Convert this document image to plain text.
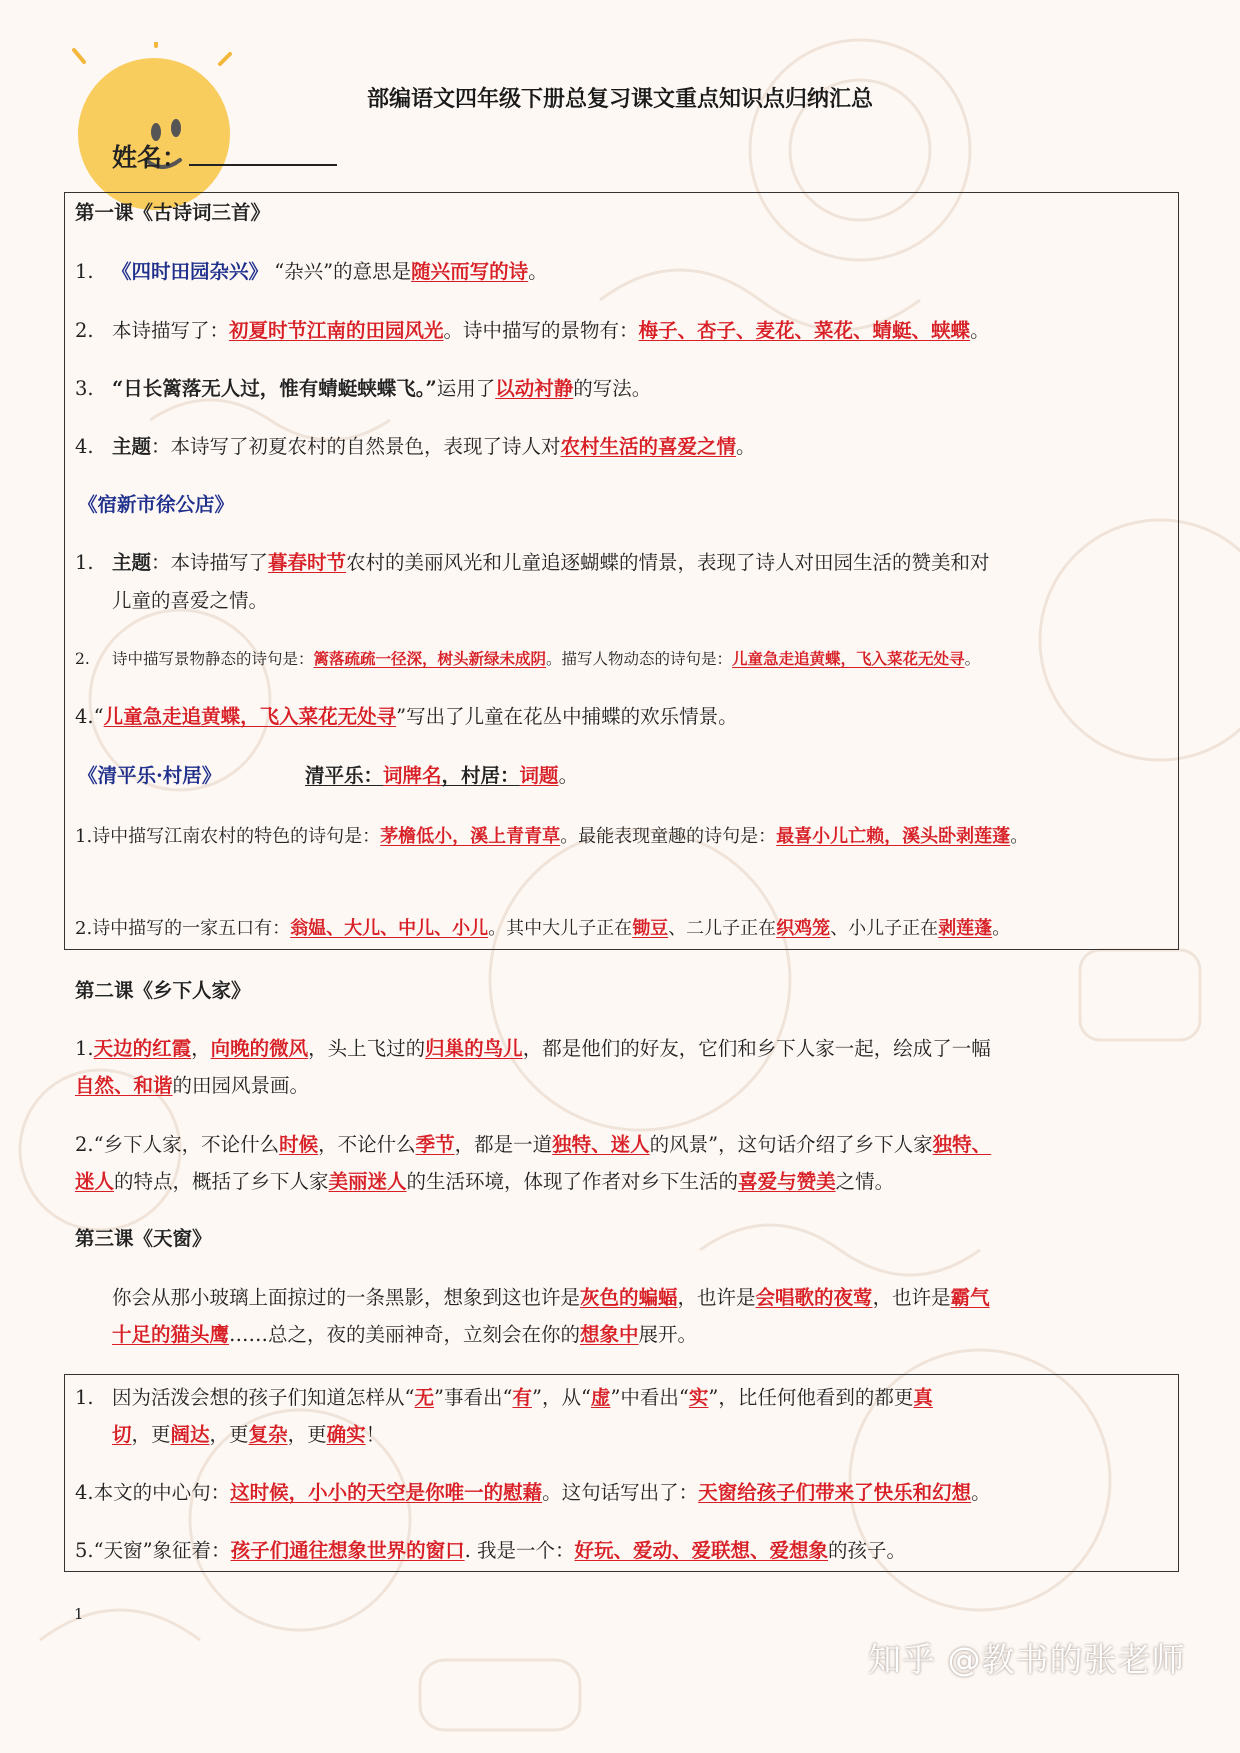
部编语文四年级下册总复习课文重点知识点归纳汇总
姓名：
第一课《古诗词三首》
1. 《四时田园杂兴》 “杂兴”的意思是随兴而写的诗。
2. 本诗描写了：初夏时节江南的田园风光。诗中描写的景物有：梅子、杏子、麦花、菜花、蜻蜓、蛱蝶。
3. “日长篱落无人过，惟有蜻蜓蛱蝶飞。”运用了以动衬静的写法。
4. 主题：本诗写了初夏农村的自然景色，表现了诗人对农村生活的喜爱之情。
《宿新市徐公店》
1. 主题：本诗描写了暮春时节农村的美丽风光和儿童追逐蝴蝶的情景，表现了诗人对田园生活的赞美和对
儿童的喜爱之情。
2. 诗中描写景物静态的诗句是：篱落疏疏一径深，树头新绿未成阴。描写人物动态的诗句是：儿童急走追黄蝶，飞入菜花无处寻。
4.“儿童急走追黄蝶，飞入菜花无处寻”写出了儿童在花丛中捕蝶的欢乐情景。
《清平乐·村居》	清平乐：词牌名，村居：词题。
1.诗中描写江南农村的特色的诗句是：茅檐低小，溪上青青草。最能表现童趣的诗句是：最喜小儿亡赖，溪头卧剥莲蓬。
2.诗中描写的一家五口有：翁媪、大儿、中儿、小儿。其中大儿子正在锄豆、二儿子正在织鸡笼、小儿子正在剥莲蓬。
第二课《乡下人家》
1.天边的红霞，向晚的微风，头上飞过的归巢的鸟儿，都是他们的好友，它们和乡下人家一起，绘成了一幅
自然、和谐的田园风景画。
2.“乡下人家，不论什么时候，不论什么季节，都是一道独特、迷人的风景”，这句话介绍了乡下人家独特、
迷人的特点，概括了乡下人家美丽迷人的生活环境，体现了作者对乡下生活的喜爱与赞美之情。
第三课《天窗》
你会从那小玻璃上面掠过的一条黑影，想象到这也许是灰色的蝙蝠，也许是会唱歌的夜莺，也许是霸气
十足的猫头鹰……总之，夜的美丽神奇，立刻会在你的想象中展开。
1. 因为活泼会想的孩子们知道怎样从“无”事看出“有”，从“虚”中看出“实”，比任何他看到的都更真
切，更阔达，更复杂，更确实！
4.本文的中心句：这时候，小小的天空是你唯一的慰藉。这句话写出了：天窗给孩子们带来了快乐和幻想。
5.“天窗”象征着：孩子们通往想象世界的窗口. 我是一个：好玩、爱动、爱联想、爱想象的孩子。
1
知乎 @教书的张老师
